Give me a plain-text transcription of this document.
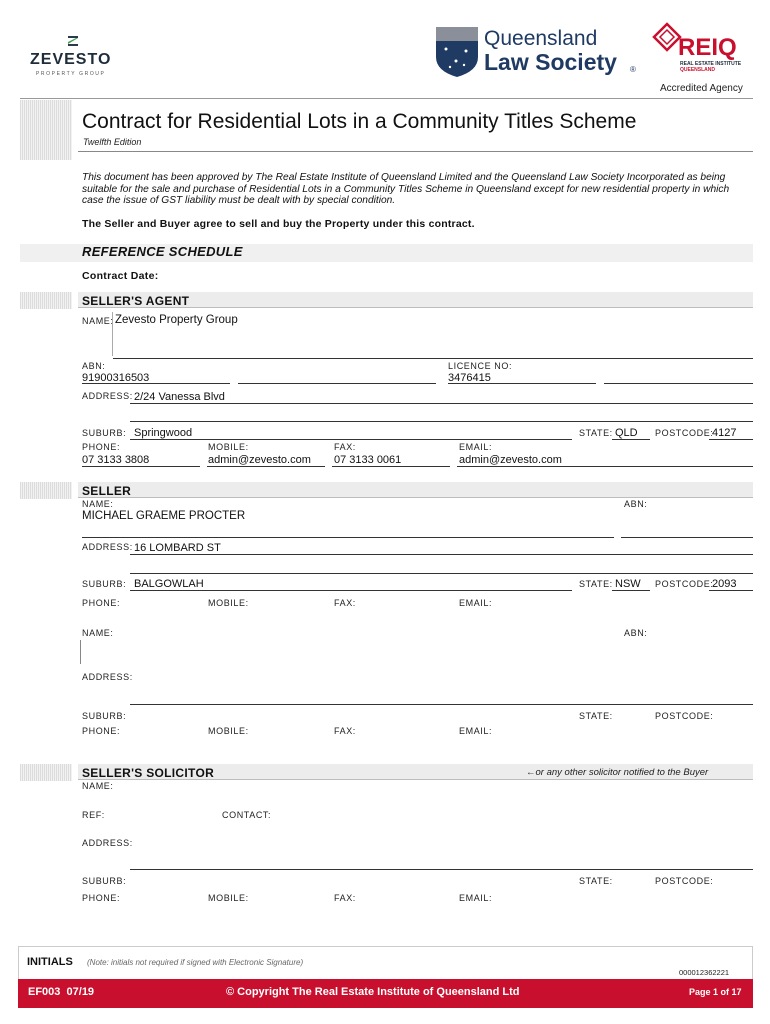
ZEVESTO
PROPERTY GROUP
Queensland
Law Society ®
REIQ
REAL ESTATE INSTITUTE
QUEENSLAND
Accredited Agency
Contract for Residential Lots in a Community Titles Scheme
Twelfth Edition
This document has been approved by The Real Estate Institute of Queensland Limited and the Queensland Law Society Incorporated as being suitable for the sale and purchase of Residential Lots in a Community Titles Scheme in Queensland except for new residential property in which case the issue of GST liability must be dealt with by special condition.
The Seller and Buyer agree to sell and buy the Property under this contract.
REFERENCE SCHEDULE
Contract Date:
SELLER'S AGENT
NAME: Zevesto Property Group
ABN:
91900316503
LICENCE NO:
3476415
ADDRESS: 2/24 Vanessa Blvd
SUBURB: Springwood	STATE: QLD POSTCODE:
4127
PHONE:
07 3133 3808
MOBILE:
admin@zevesto.com
FAX:
07 3133 0061
EMAIL:
admin@zevesto.com
SELLER
NAME:
MICHAEL GRAEME PROCTER
ABN:
ADDRESS: 16 LOMBARD ST
SUBURB: BALGOWLAH	STATE: NSW POSTCODE:
2093
PHONE:	MOBILE:	FAX:	EMAIL:
NAME:	ABN:
ADDRESS:
SUBURB:	STATE:	POSTCODE:
PHONE:	MOBILE:	FAX:	EMAIL:
SELLER'S SOLICITOR	←or any other solicitor notified to the Buyer
NAME:
REF:	CONTACT:
ADDRESS:
SUBURB:	STATE:	POSTCODE:
PHONE:	MOBILE:	FAX:	EMAIL:
INITIALS (Note: initials not required if signed with Electronic Signature)
000012362221
EF003  07/19	© Copyright The Real Estate Institute of Queensland Ltd	Page 1 of 17
